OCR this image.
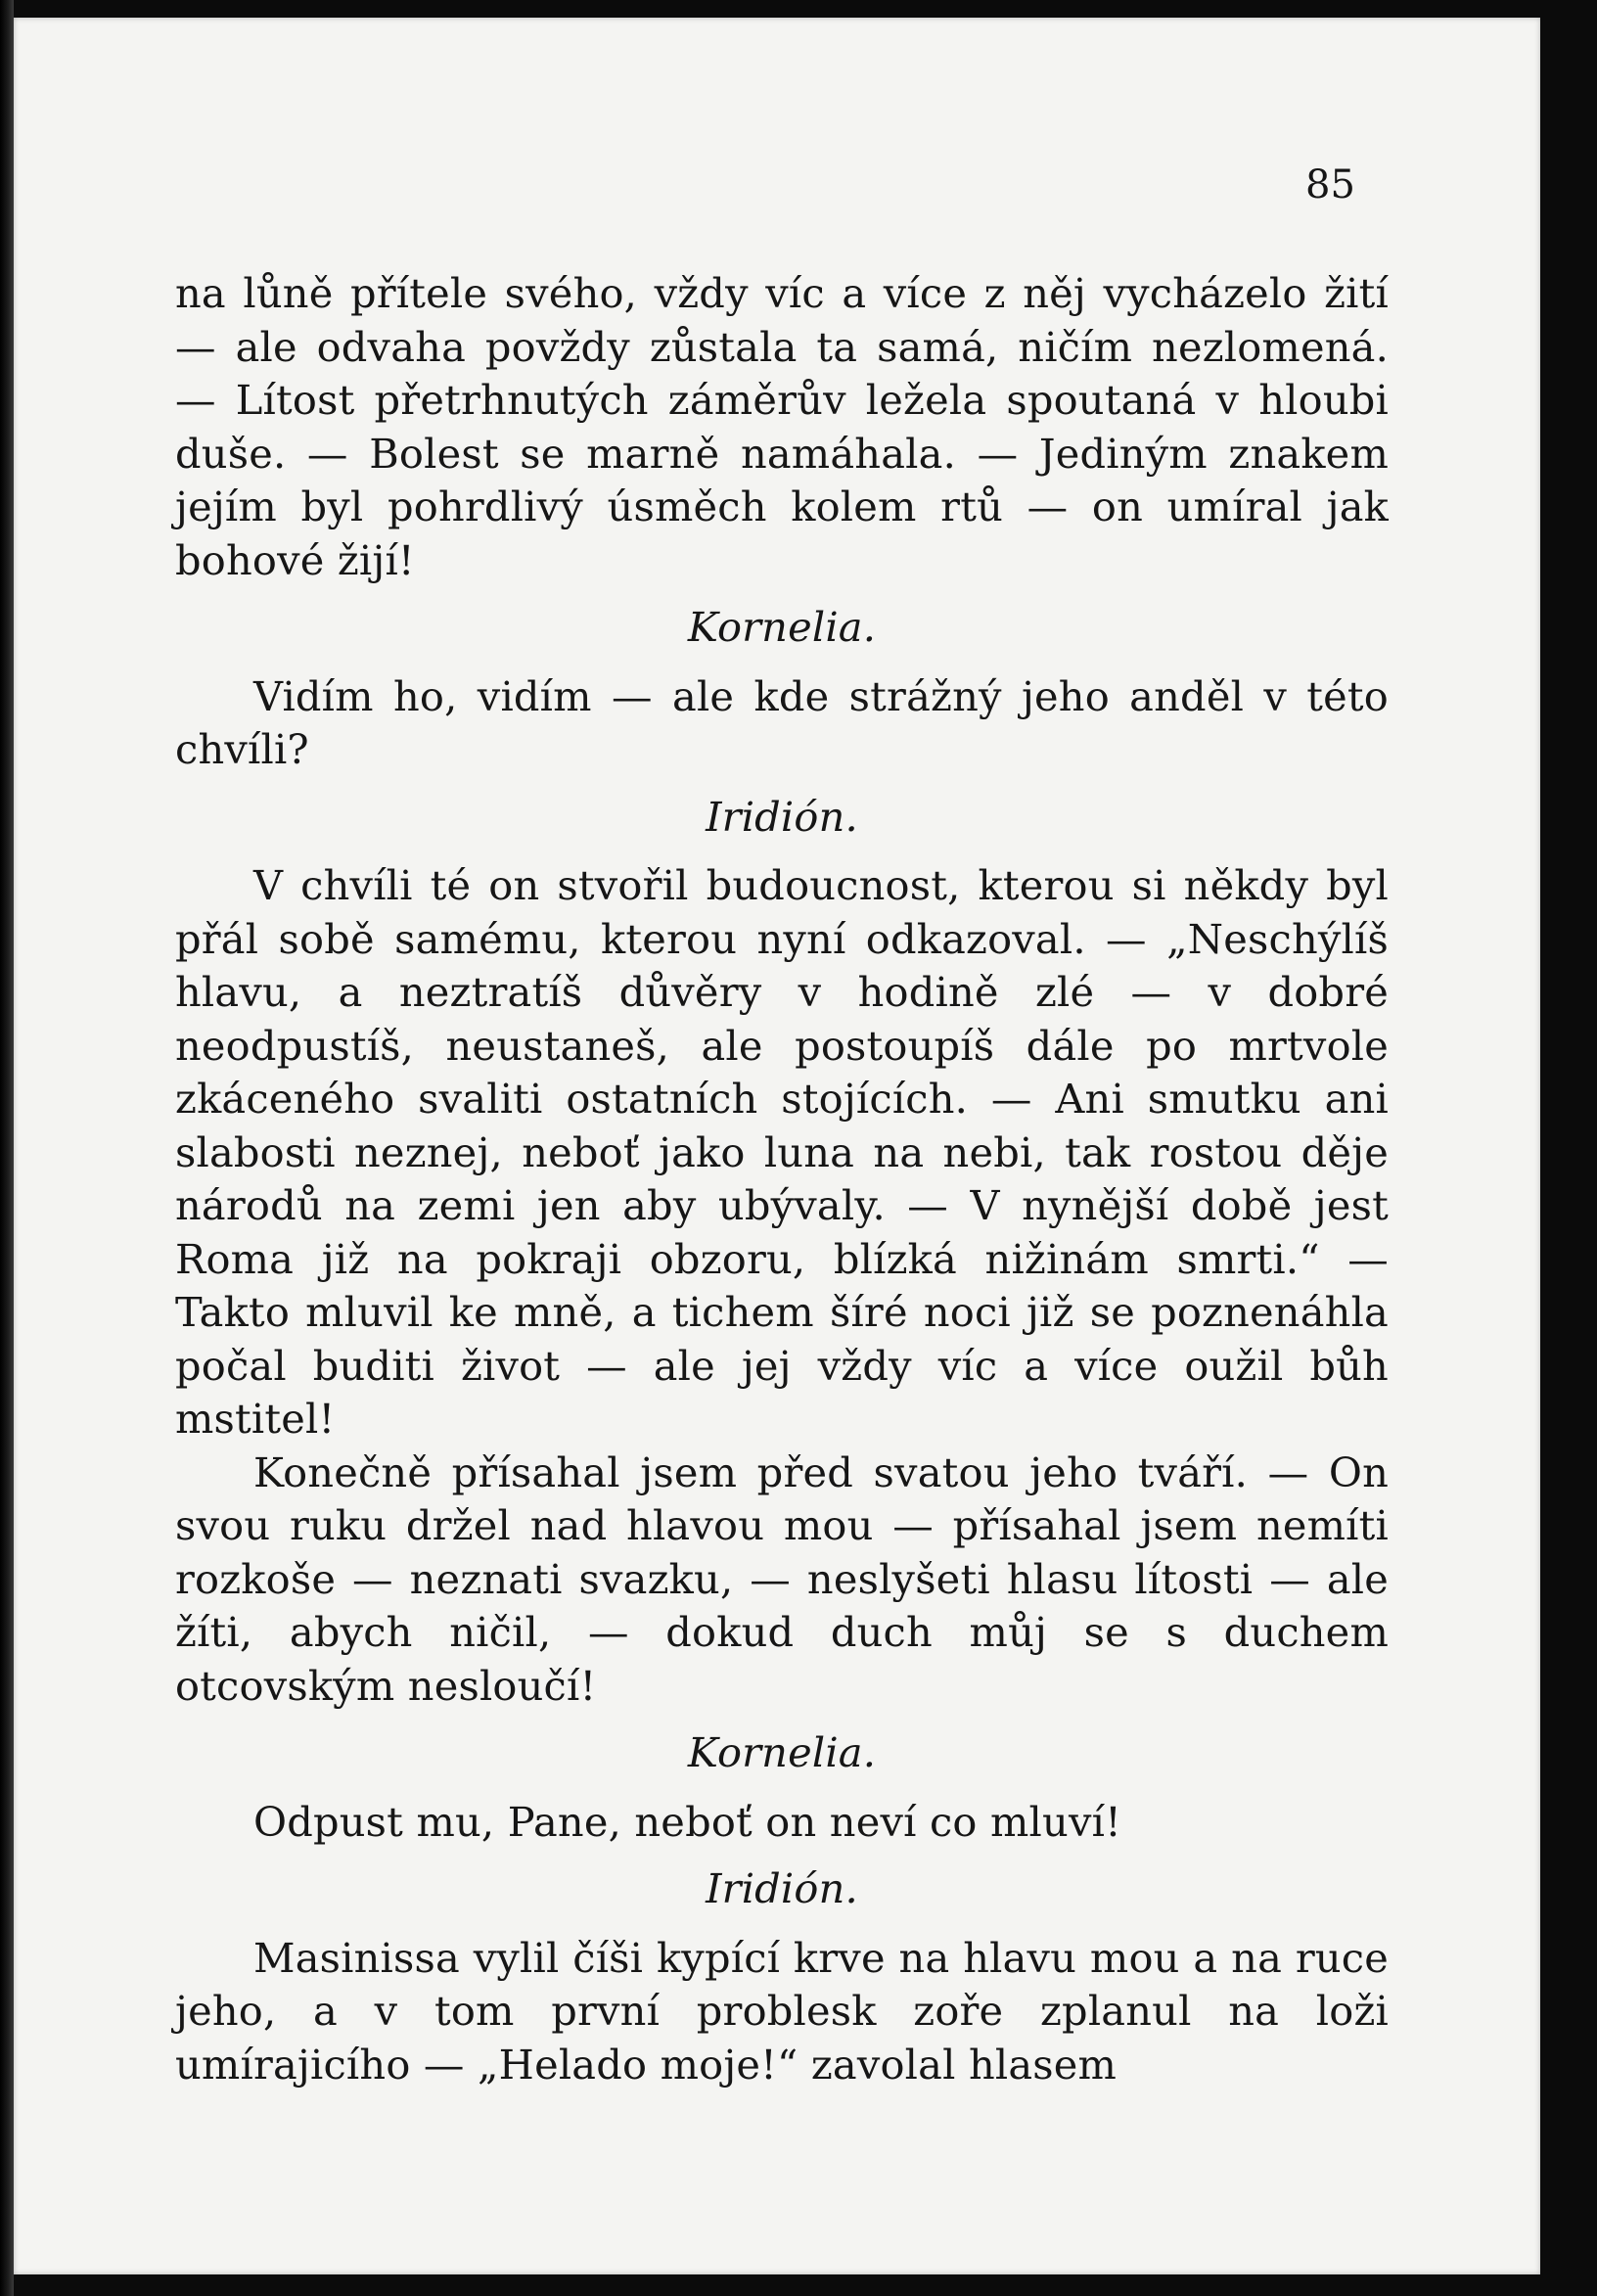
85

na lůně přítele svého, vždy víc a více z něj vycházelo žití — ale odvaha povždy zůstala ta samá, ničím nezlomená. — Lítost přetrhnutých záměrův ležela spoutaná v hloubi duše. — Bolest se marně namáhala. — Jediným znakem jejím byl pohrdlivý úsměch kolem rtů — on umíral jak bohové žijí!

Kornelia.

Vidím ho, vidím — ale kde strážný jeho anděl v této chvíli?

Iridión.

V chvíli té on stvořil budoucnost, kterou si někdy byl přál sobě samému, kterou nyní odkazoval. — „Neschýlíš hlavu, a neztratíš důvěry v hodině zlé — v dobré neodpustíš, neustaneš, ale postoupíš dále po mrtvole zkáceného svaliti ostatních stojících. — Ani smutku ani slabosti neznej, neboť jako luna na nebi, tak rostou děje národů na zemi jen aby ubývaly. — V nynější době jest Roma již na pokraji obzoru, blízká nižinám smrti.“ — Takto mluvil ke mně, a tichem šíré noci již se poznenáhla počal buditi život — ale jej vždy víc a více oužil bůh mstitel!

Konečně přísahal jsem před svatou jeho tváří. — On svou ruku držel nad hlavou mou — přísahal jsem nemíti rozkoše — neznati svazku, — neslyšeti hlasu lítosti — ale žíti, abych ničil, — dokud duch můj se s duchem otcovským nesloučí!

Kornelia.

Odpust mu, Pane, neboť on neví co mluví!

Iridión.

Masinissa vylil číši kypící krve na hlavu mou a na ruce jeho, a v tom první problesk zoře zplanul na loži umírajicího — „Helado moje!“ zavolal hlasem
